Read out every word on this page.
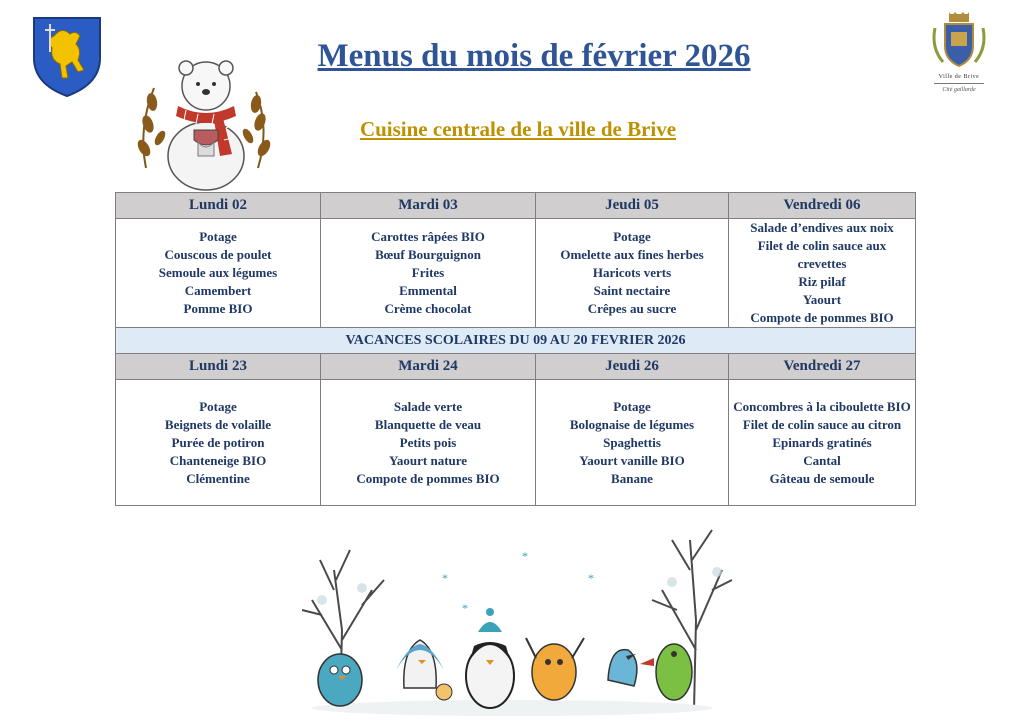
Ville de Brive
Cité gaillarde
Menus du mois de février 2026
Cuisine centrale de la ville de Brive
Lundi 02	Mardi 03	Jeudi 05	Vendredi 06

Potage
Couscous de poulet
Semoule aux légumes
Camembert
Pomme BIO	Carottes râpées BIO
Bœuf Bourguignon
Frites
Emmental
Crème chocolat	Potage
Omelette aux fines herbes
Haricots verts
Saint nectaire
Crêpes au sucre	Salade d’endives aux noix
Filet de colin sauce aux crevettes
Riz pilaf
Yaourt
Compote de pommes BIO

VACANCES SCOLAIRES DU 09 AU 20 FEVRIER 2026			
Lundi 23	Mardi 24	Jeudi 26	Vendredi 27

Potage
Beignets de volaille
Purée de potiron
Chanteneige BIO
Clémentine	Salade verte
Blanquette de veau
Petits pois
Yaourt nature
Compote de pommes BIO	Potage
Bolognaise de légumes
Spaghettis
Yaourt vanille BIO
Banane	Concombres à la ciboulette BIO
Filet de colin sauce au citron
Epinards gratinés
Cantal
Gâteau de semoule
*
*
*
*
